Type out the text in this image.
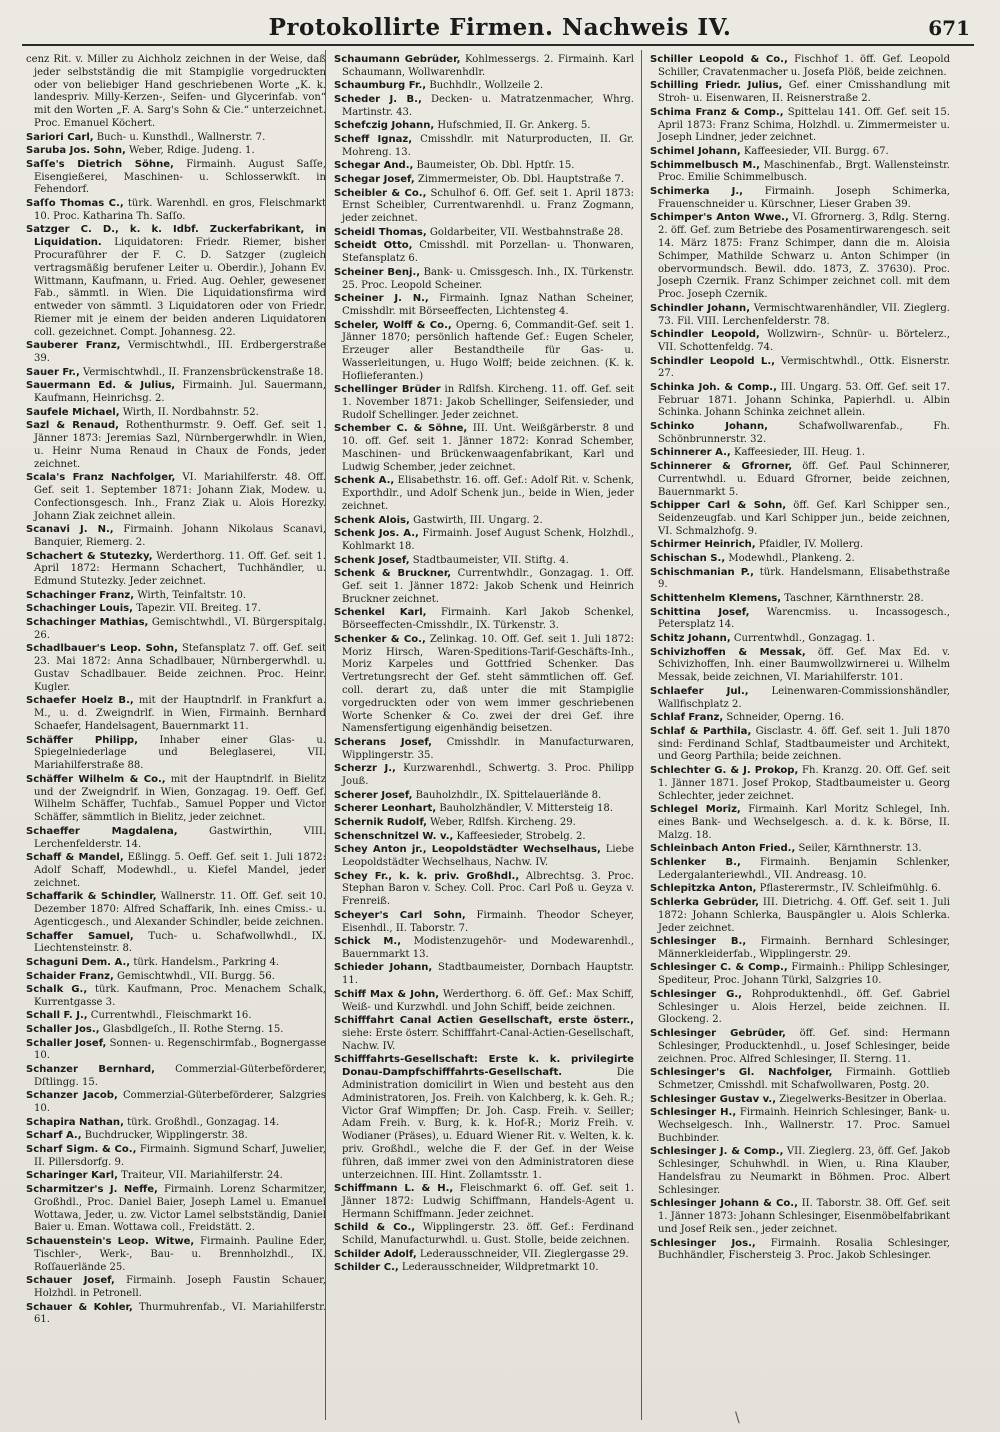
Protokollirte Firmen. Nachweis IV.	671

cenz Rit. v. Miller zu Aichholz zeichnen in der Weise, daß jeder selbstständig die mit Stampiglie vorgedruckten oder von beliebiger Hand geschriebenen Worte „K. k. landespriv. Milly-Kerzen-, Seifen- und Glycerinfab. von“ mit den Worten „F. A. Sarg's Sohn & Cie.“ unterzeichnet. Proc. Emanuel Köchert.

Sariori Carl, Buch- u. Kunsthdl., Wallnerstr. 7.

Saruba Jos. Sohn, Weber, Rdige. Judeng. 1.

Saſſe's Dietrich Söhne, Firmainh. August Saſſe, Eisengießerei, Maschinen- u. Schlosserwkſt. in Fehendorf.

Saſſo Thomas C., türk. Warenhdl. en gros, Fleischmarkt 10. Proc. Katharina Th. Saſſo.

Satzger C. D., k. k. Idbf. Zuckerfabrikant, in Liquidation. Liquidatoren: Friedr. Riemer, bisher Procuraführer der F. C. D. Satzger (zugleich vertragsmäßig berufener Leiter u. Oberdir.), Johann Ev. Wittmann, Kaufmann, u. Fried. Aug. Oehler, gewesener Fab., sämmtl. in Wien. Die Liquidationsfirma wird entweder von sämmtl. 3 Liquidatoren oder von Friedr. Riemer mit je einem der beiden anderen Liquidatoren coll. gezeichnet. Compt. Johannesg. 22.

Sauberer Franz, Vermischtwhdl., III. Erdbergerstraße 39.

Sauer Fr., Vermischtwhdl., II. Franzensbrückenstraße 18.

Sauermann Ed. & Julius, Firmainh. Jul. Sauermann, Kaufmann, Heinrichsg. 2.

Saufele Michael, Wirth, II. Nordbahnstr. 52.

Sazl & Renaud, Rothenthurmstr. 9. Oeff. Gef. seit 1. Jänner 1873: Jeremias Sazl, Nürnbergerwhdlr. in Wien, u. Heinr Numa Renaud in Chaux de Fonds, jeder zeichnet.

Scala's Franz Nachfolger, VI. Mariahilferstr. 48. Off. Gef. seit 1. September 1871: Johann Ziak, Modew. u. Confectionsgesch. Inh., Franz Ziak u. Alois Horezky. Johann Ziak zeichnet allein.

Scanavi J. N., Firmainh. Johann Nikolaus Scanavi, Banquier, Riemerg. 2.

Schachert & Stutezky, Werderthorg. 11. Off. Gef. seit 1. April 1872: Hermann Schachert, Tuchhändler, u. Edmund Stutezky. Jeder zeichnet.

Schachinger Franz, Wirth, Teinfaltstr. 10.

Schachinger Louis, Tapezir. VII. Breiteg. 17.

Schachinger Mathias, Gemischtwhdl., VI. Bürgerspitalg. 26.

Schadlbauer's Leop. Sohn, Stefansplatz 7. off. Gef. seit 23. Mai 1872: Anna Schadlbauer, Nürnbergerwhdl. u. Gustav Schadlbauer. Beide zeichnen. Proc. Heinr. Kugler.

Schaefer Hoelz B., mit der Hauptndrlf. in Frankfurt a. M., u. d. Zweigndrlf. in Wien, Firmainh. Bernhard Schaefer, Handelsagent, Bauernmarkt 11.

Schäffer Philipp, Inhaber einer Glas- u. Spiegelniederlage und Beleglaserei, VII. Mariahilferstraße 88.

Schäffer Wilhelm & Co., mit der Hauptndrlf. in Bielitz und der Zweigndrlf. in Wien, Gonzagag. 19. Oeff. Gef. Wilhelm Schäffer, Tuchfab., Samuel Popper und Victor Schäffer, sämmtlich in Bielitz, jeder zeichnet.

Schaeffer Magdalena,	Gastwirthin, VIII. Lerchenfelderstr. 14.

Schaff & Mandel, Eßlingg. 5. Oeff. Gef. seit 1. Juli 1872: Adolf Schaff, Modewhdl., u. Kiefel Mandel, jeder zeichnet.

Schaffarik & Schindler, Wallnerstr. 11. Off. Gef. seit 10. Dezember 1870: Alfred Schaffarik, Inh. eines Cmiss.- u. Agenticgesch., und Alexander Schindler, beide zeichnen.

Schaffer Samuel, Tuch- u. Schafwollwhdl., IX. Liechtensteinstr. 8.

Schaguni Dem. A., türk. Handelsm., Parkring 4.

Schaider Franz, Gemischtwhdl., VII. Burgg. 56.

Schalk G., türk. Kaufmann, Proc. Menachem Schalk, Kurrentgasse 3.

Schall F. J., Currentwhdl., Fleischmarkt 16.

Schaller Jos., Glasbdlgeſch., II. Rothe Sterng. 15.

Schaller Josef, Sonnen- u. Regenschirmfab., Bognergasse 10.

Schanzer Bernhard, Commerzial-Güterbeförderer, Dſtlingg. 15.

Schanzer Jacob, Commerzial-Güterbeförderer, Salzgries 10.

Schapira Nathan, türk. Großhdl., Gonzagag. 14.

Scharf A., Buchdrucker, Wipplingerstr. 38.

Scharf Sigm. & Co., Firmainh. Sigmund Scharf, Juwelier, II. Pillersdorfg. 9.

Scharinger Karl, Traiteur, VII. Mariahilferstr. 24.

Scharmitzer's J. Neffe, Firmainh. Lorenz Scharmitzer, Großhdl., Proc. Daniel Baier, Joseph Lamel u. Emanuel Wottawa, Jeder, u. zw. Victor Lamel selbstständig, Daniel Baier u. Eman. Wottawa coll., Freidstätt. 2.

Schauenstein's Leop. Witwe, Firmainh. Pauline Eder, Tischler-, Werk-, Bau- u. Brennholzhdl., IX. Roſſauerlände 25.

Schauer Josef, Firmainh. Joseph Faustin Schauer, Holzhdl. in Petronell.

Schauer & Kohler, Thurmuhrenfab., VI. Mariahilferstr. 61.

Schaumann Gebrüder, Kohlmessergs. 2. Firmainh. Karl Schaumann, Wollwarenhdlr.

Schaumburg Fr., Buchhdlr., Wollzeile 2.

Scheder J. B., Decken- u. Matratzenmacher, Whrg. Martinstr. 43.

Schefczig Johann, Hufschmied, II. Gr. Ankerg. 5.

Scheff Ignaz, Cmisshdlr. mit Naturproducten, II. Gr. Mohreng. 13.

Schegar And., Baumeister, Ob. Dbl. Hptſr. 15.

Schegar Josef, Zimmermeister, Ob. Dbl. Hauptstraße 7.

Scheibler & Co., Schulhof 6. Off. Gef. seit 1. April 1873: Ernst Scheibler, Currentwarenhdl. u. Franz Zogmann, jeder zeichnet.

Scheidl Thomas, Goldarbeiter, VII. Westbahnstraße 28.

Scheidt Otto, Cmisshdl. mit Porzellan- u. Thonwaren, Stefansplatz 6.

Scheiner Benj., Bank- u. Cmissgesch. Inh., IX. Türkenstr. 25. Proc. Leopold Scheiner.

Scheiner J. N., Firmainh. Ignaz Nathan Scheiner, Cmisshdlr. mit Börseeffecten, Lichtensteg 4.

Scheler, Wolff & Co., Operng. 6, Commandit-Gef. seit 1. Jänner 1870; persönlich haftende Gef.: Eugen Scheler, Erzeuger aller Bestandtheile für Gas- u. Wasserleitungen, u. Hugo Wolff; beide zeichnen. (K. k. Hoflieferanten.)

Schellinger Brüder in Rdlfsh. Kircheng. 11. off. Gef. seit 1. November 1871: Jakob Schellinger, Seifensieder, und Rudolf Schellinger. Jeder zeichnet.

Schember C. & Söhne, III. Unt. Weißgärberstr. 8 und 10. off. Gef. seit 1. Jänner 1872: Konrad Schember, Maschinen- und Brückenwaagenfabrikant, Karl und Ludwig Schember, jeder zeichnet.

Schenk A., Elisabethstr. 16. off. Gef.: Adolf Rit. v. Schenk, Exporthdlr., und Adolf Schenk jun., beide in Wien, jeder zeichnet.

Schenk Alois, Gastwirth, III. Ungarg. 2.

Schenk Jos. A., Firmainh. Josef August Schenk, Holzhdl., Kohlmarkt 18.

Schenk Josef, Stadtbaumeister, VII. Stiftg. 4.

Schenk & Bruckner, Currentwhdlr., Gonzagag. 1. Off. Gef. seit 1. Jänner 1872: Jakob Schenk und Heinrich Bruckner zeichnet.

Schenkel Karl, Firmainh. Karl Jakob Schenkel, Börseeffecten-Cmisshdlr., IX. Türkenstr. 3.

Schenker & Co., Zelinkag. 10. Off. Gef. seit 1. Juli 1872: Moriz Hirsch, Waren-Speditions-Tarif-Geschäfts-Inh., Moriz Karpeles und Gottfried Schenker. Das Vertretungsrecht der Gef. steht sämmtlichen off. Gef. coll. derart zu, daß unter die mit Stampiglie vorgedruckten oder von wem immer geschriebenen Worte Schenker & Co. zwei der drei Gef. ihre Namensfertigung eigenhändig beisetzen.

Scherans Josef, Cmisshdlr. in Manufacturwaren, Wipplingerstr. 35.

Scherzr J., Kurzwarenhdl., Schwertg. 3. Proc. Philipp Jouß.

Scherer Josef, Bauholzhdlr., IX. Spittelauerlände 8.

Scherer Leonhart, Bauholzhändler, V. Mittersteig 18.

Schernik Rudolf, Weber, Rdlfsh. Kircheng. 29.

Schenschnitzel W. v., Kaffeesieder, Strobelg. 2.

Schey Anton jr., Leopoldstädter Wechselhaus, Liebe Leopoldstädter Wechselhaus, Nachw. IV.

Schey Fr., k. k. priv. Großhdl., Albrechtsg. 3. Proc. Stephan Baron v. Schey. Coll. Proc. Carl Poß u. Geyza v. Frenreiß.

Scheyer's Carl Sohn, Firmainh. Theodor Scheyer, Eisenhdl., II. Taborstr. 7.

Schick M., Modistenzugehör- und Modewarenhdl., Bauernmarkt 13.

Schieder Johann, Stadtbaumeister, Dornbach Hauptstr. 11.

Schiff Max & John, Werderthorg. 6. öff. Gef.: Max Schiff, Weiß- und Kurzwhdl. und John Schiff, beide zeichnen.

Schifffahrt Canal Actien Gesellschaft, erste österr., siehe: Erste österr. Schifffahrt-Canal-Actien-Gesellschaft, Nachw. IV.

Schifffahrts-Gesellschaft: Erste k. k. privilegirte Donau-Dampfschifffahrts-Gesellschaft.	Die Administration domicilirt in Wien und besteht aus den Administratoren, Jos. Freih. von Kalchberg, k. k. Geh. R.; Victor Graf Wimpffen; Dr. Joh. Casp. Freih. v. Seiller; Adam Freih. v. Burg, k. k. Hof-R.; Moriz Freih. v. Wodianer (Präses), u. Eduard Wiener Rit. v. Welten, k. k. priv. Großhdl., welche die F. der Gef. in der Weise führen, daß immer zwei von den Administratoren diese unterzeichnen. III. Hint. Zollamtsstr. 1.

Schiffmann L. & H., Fleischmarkt 6. off. Gef. seit 1. Jänner 1872: Ludwig Schiffmann, Handels-Agent u. Hermann Schiffmann. Jeder zeichnet.

Schild & Co., Wipplingerstr. 23. öff. Gef.: Ferdinand Schild, Manufacturwhdl. u. Gust. Stolle, beide zeichnen.

Schilder Adolf, Lederausschneider, VII. Zieglergasse 29.

Schilder C., Lederausschneider, Wildpretmarkt 10.

Schiller Leopold & Co., Fischhof 1. öff. Gef. Leopold Schiller, Cravatenmacher u. Josefa Plöß, beide zeichnen.

Schilling Friedr. Julius, Gef. einer Cmisshandlung mit Stroh- u. Eisenwaren, II. Reisnerstraße 2.

Schima Franz & Comp., Spittelau 141. Off. Gef. seit 15. April 1873: Franz Schima, Holzhdl. u. Zimmermeister u. Joseph Lindner, jeder zeichnet.

Schimel Johann, Kaffeesieder, VII. Burgg. 67.

Schimmelbusch M., Maschinenfab., Brgt. Wallensteinstr. Proc. Emilie Schimmelbusch.

Schimerka J., Firmainh. Joseph Schimerka, Frauenschneider u. Kürschner, Lieser Graben 39.

Schimper's Anton Wwe., VI. Gfrornerg. 3, Rdlg. Sterng. 2. öff. Gef. zum Betriebe des Posamentirwarengesch. seit 14. März 1875: Franz Schimper, dann die m. Aloisia Schimper, Mathilde Schwarz u. Anton Schimper (in obervormundsch. Bewil. ddo. 1873, Z. 37630). Proc. Joseph Czernik. Franz Schimper zeichnet coll. mit dem Proc. Joseph Czernik.

Schindler Johann, Vermischtwarenhändler, VII. Zieglerg. 73. Fil. VIII. Lerchenfelderstr. 78.

Schindler Leopold, Wollzwirn-, Schnür- u. Börtelerz., VII. Schottenfeldg. 74.

Schindler Leopold L., Vermischtwhdl., Ottk. Eisnerstr. 27.

Schinka Joh. & Comp., III. Ungarg. 53. Off. Gef. seit 17. Februar 1871. Johann Schinka, Papierhdl. u. Albin Schinka. Johann Schinka zeichnet allein.

Schinko Johann,	Schafwollwarenfab., Fh. Schönbrunnerstr. 32.

Schinnerer A., Kaffeesieder, III. Heug. 1.

Schinnerer & Gfrorner, öff. Gef. Paul Schinnerer, Currentwhdl. u. Eduard Gfrorner, beide zeichnen, Bauernmarkt 5.

Schipper Carl & Sohn, öff. Gef. Karl Schipper sen., Seidenzeugfab. und Karl Schipper jun., beide zeichnen, VI. Schmalzhofg. 9.

Schirmer Heinrich, Pfaidler, IV. Mollerg.

Schischan S., Modewhdl., Plankeng. 2.

Schischmanian P., türk. Handelsmann, Elisabethstraße 9.

Schittenhelm Klemens, Taschner, Kärnthnerstr. 28.

Schittina Josef, Warencmiss. u. Incassogesch., Petersplatz 14.

Schitz Johann, Currentwhdl., Gonzagag. 1.

Schivizhoffen & Messak, öff. Gef. Max Ed. v. Schivizhoffen, Inh. einer Baumwollzwirnerei u. Wilhelm Messak, beide zeichnen, VI. Mariahilferstr. 101.

Schlaefer Jul., Leinenwaren-Commissionshändler, Wallfischplatz 2.

Schlaf Franz, Schneider, Operng. 16.

Schlaf & Parthila, Gisclastr. 4. öff. Gef. seit 1. Juli 1870 sind: Ferdinand Schlaf, Stadtbaumeister und Architekt, und Georg Parthila; beide zeichnen.

Schlechter G. & J. Prokop, Fh. Kranzg. 20. Off. Gef. seit 1. Jänner 1871. Josef Prokop, Stadtbaumeister u. Georg Schlechter, jeder zeichnet.

Schlegel Moriz, Firmainh. Karl Moritz Schlegel, Inh. eines Bank- und Wechselgesch. a. d. k. k. Börse, II. Malzg. 18.

Schleinbach Anton Fried., Seiler, Kärnthnerstr. 13.

Schlenker B., Firmainh. Benjamin Schlenker, Ledergalanteriewhdl., VII. Andreasg. 10.

Schlepitzka Anton, Pflasterermstr., IV. Schleifmühlg. 6.

Schlerka Gebrüder, III. Dietrichg. 4. Off. Gef. seit 1. Juli 1872: Johann Schlerka, Bauspängler u. Alois Schlerka. Jeder zeichnet.

Schlesinger B., Firmainh. Bernhard Schlesinger, Männerkleiderfab., Wipplingerstr. 29.

Schlesinger C. & Comp., Firmainh.: Philipp Schlesinger, Spediteur, Proc. Johann Türkl, Salzgries 10.

Schlesinger G., Rohproduktenhdl., öff. Gef. Gabriel Schlesinger u. Alois Herzel, beide zeichnen. II. Glockeng. 2.

Schlesinger Gebrüder, öff. Gef. sind: Hermann Schlesinger, Producktenhdl., u. Josef Schlesinger, beide zeichnen. Proc. Alfred Schlesinger, II. Sterng. 11.

Schlesinger's Gl. Nachfolger, Firmainh. Gottlieb Schmetzer, Cmisshdl. mit Schafwollwaren, Postg. 20.

Schlesinger Gustav v., Ziegelwerks-Besitzer in Oberlaa.

Schlesinger H., Firmainh. Heinrich Schlesinger, Bank- u. Wechselgesch. Inh., Wallnerstr. 17. Proc. Samuel Buchbinder.

Schlesinger J. & Comp., VII. Zieglerg. 23, öff. Gef. Jakob Schlesinger, Schuhwhdl. in Wien, u. Rina Klauber, Handelsfrau zu Neumarkt in Böhmen. Proc. Albert Schlesinger.

Schlesinger Johann & Co., II. Taborstr. 38. Off. Gef. seit 1. Jänner 1873: Johann Schlesinger, Eisenmöbelfabrikant und Josef Reik sen., jeder zeichnet.

Schlesinger Jos., Firmainh. Rosalia Schlesinger, Buchhändler, Fischersteig 3. Proc. Jakob Schlesinger.

\
